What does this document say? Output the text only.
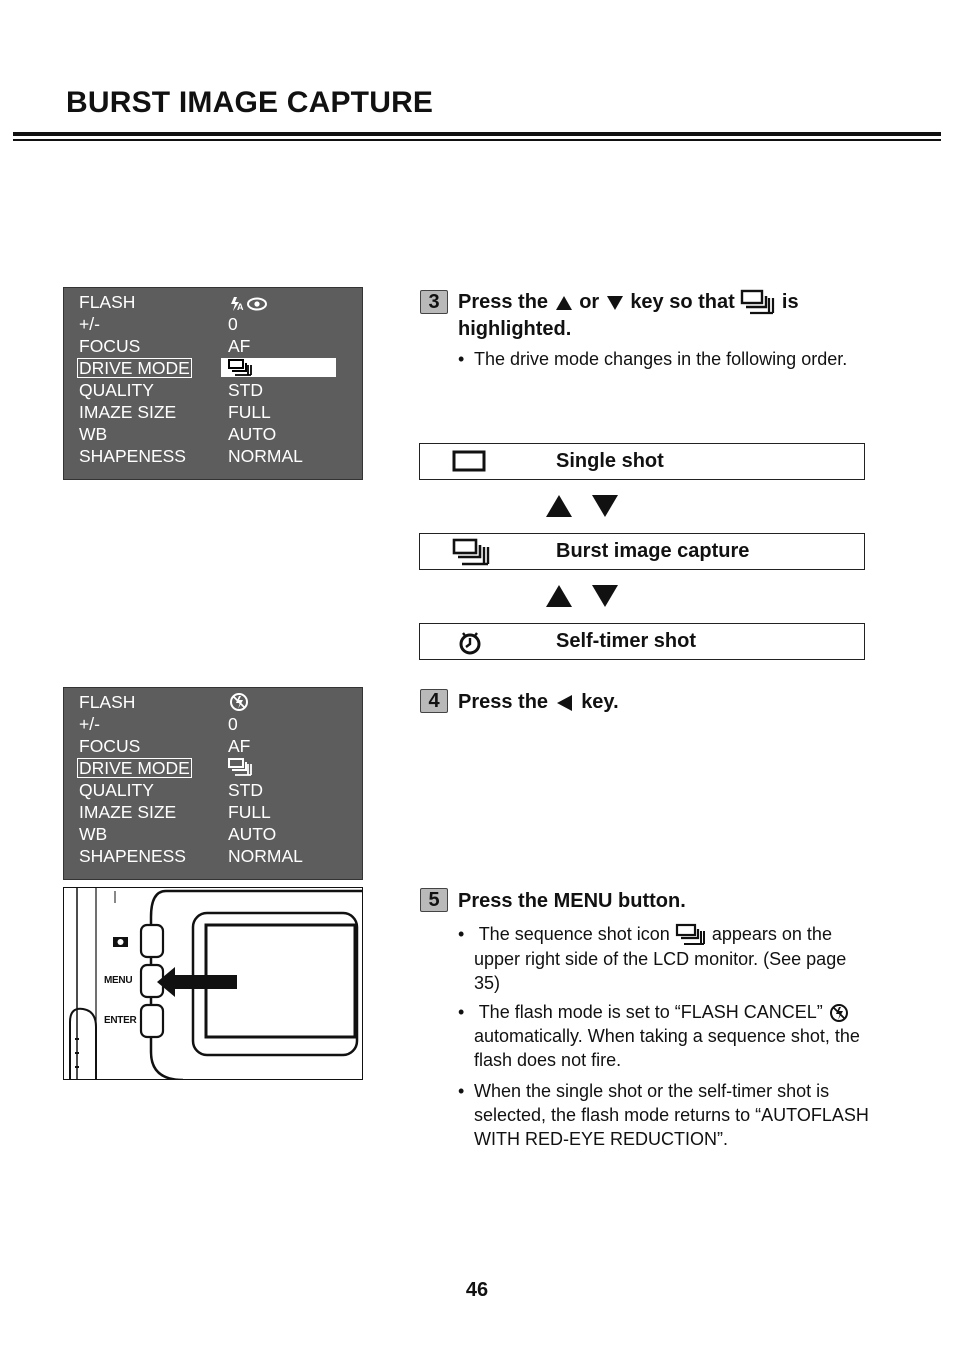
BURST IMAGE CAPTURE
FLASH	A
+/-	0
FOCUS	AF
DRIVE MODE
QUALITY	STD
IMAZE SIZE	FULL
WB	AUTO
SHAPENESS NORMAL
3 Press the or key so that is
highlighted.
• The drive mode changes in the following order.
Single shot
Burst image capture
Self-timer shot
FLASH
+/-	0
FOCUS	AF
DRIVE MODE
QUALITY	STD
IMAZE SIZE	FULL
WB	AUTO
SHAPENESS NORMAL
4 Press the key.
MENU
ENTER
5 Press the MENU button.
• The sequence shot icon appears on the upper right side of the LCD monitor. (See page 35)
• The flash mode is set to “FLASH CANCEL”  automatically. When taking a sequence shot, the flash does not fire.
• When the single shot or the self-timer shot is selected, the flash mode returns to “AUTOFLASH WITH RED-EYE REDUCTION”.
46
